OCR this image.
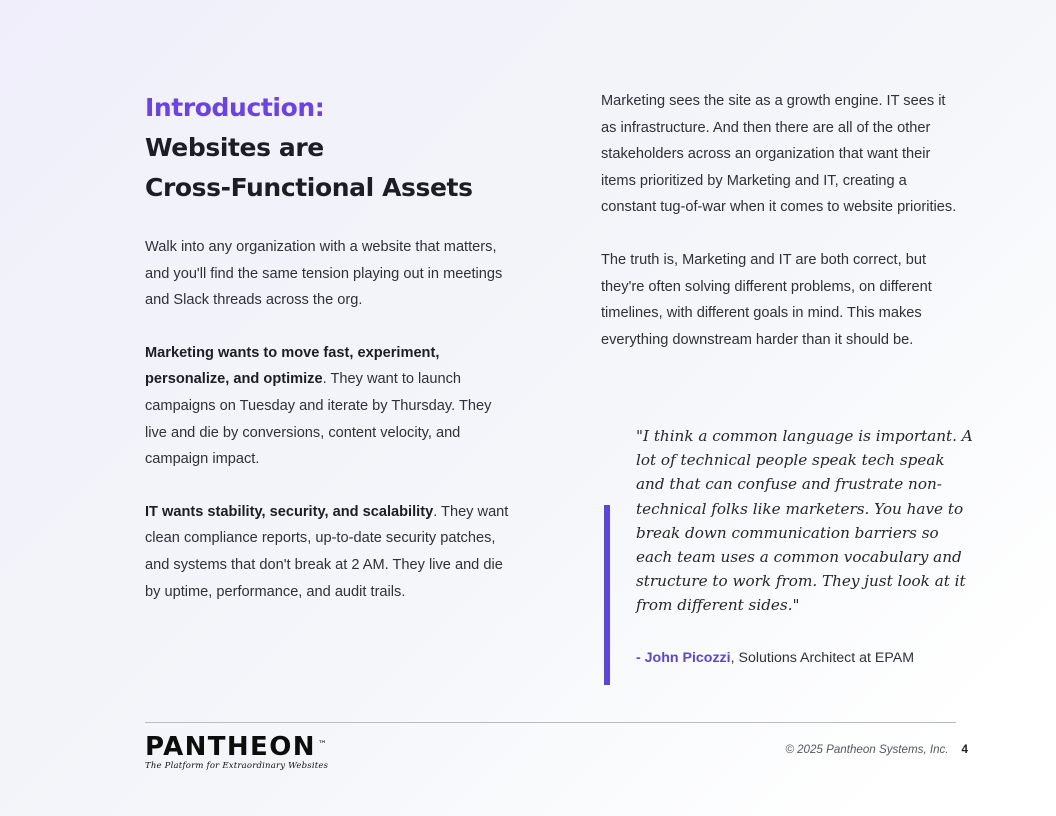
Introduction:
Websites are
Cross-Functional Assets

Walk into any organization with a website that matters, and you'll find the same tension playing out in meetings and Slack threads across the org.

Marketing wants to move fast, experiment, personalize, and optimize. They want to launch campaigns on Tuesday and iterate by Thursday. They live and die by conversions, content velocity, and campaign impact.

IT wants stability, security, and scalability. They want clean compliance reports, up-to-date security patches, and systems that don't break at 2 AM. They live and die by uptime, performance, and audit trails.

Marketing sees the site as a growth engine. IT sees it as infrastructure. And then there are all of the other stakeholders across an organization that want their items prioritized by Marketing and IT, creating a constant tug-of-war when it comes to website priorities.

The truth is, Marketing and IT are both correct, but they're often solving different problems, on different timelines, with different goals in mind. This makes everything downstream harder than it should be.

"I think a common language is important. A lot of technical people speak tech speak and that can confuse and frustrate non-technical folks like marketers. You have to break down communication barriers so each team uses a common vocabulary and structure to work from. They just look at it from different sides."

- John Picozzi, Solutions Architect at EPAM

PANTHEON ™
The Platform for Extraordinary Websites
© 2025 Pantheon Systems, Inc. 4
